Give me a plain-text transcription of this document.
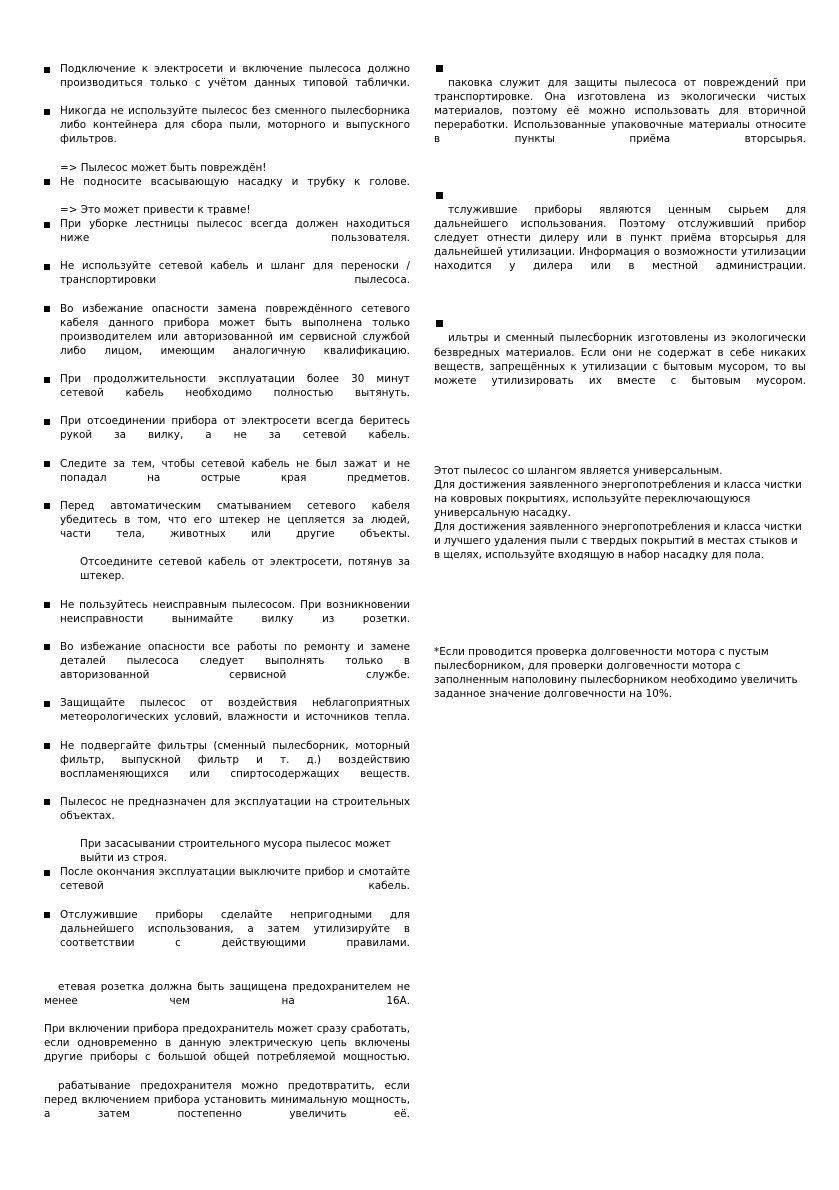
Подключение к электросети и включение пылесоса должно производиться только с учётом данных типовой таблички.
Никогда не используйте пылесос без сменного пылесборника либо контейнера для сбора пыли, моторного и выпускного фильтров.
=> Пылесос может быть повреждён!
Не подносите всасывающую насадку и трубку к голове.
=> Это может привести к травме!
При уборке лестницы пылесос всегда должен находиться ниже пользователя.
Не используйте сетевой кабель и шланг для переноски /транспортировки пылесоса.
Во избежание опасности замена повреждённого сетевого кабеля данного прибора может быть выполнена только производителем или авторизованной им сервисной службой либо лицом, имеющим аналогичную квалификацию.
При продолжительности эксплуатации более 30 минут сетевой кабель необходимо полностью вытянуть.
При отсоединении прибора от электросети всегда беритесь рукой за вилку, а не за сетевой кабель.
Следите за тем, чтобы сетевой кабель не был зажат и не попадал на острые края предметов.
Перед автоматическим сматыванием сетевого кабеля убедитесь в том, что его штекер не цепляется за людей, части тела, животных или другие объекты.
Отсоедините сетевой кабель от электросети, потянув за штекер.
Не пользуйтесь неисправным пылесосом. При возникновении неисправности вынимайте вилку из розетки.
Во избежание опасности все работы по ремонту и замене деталей пылесоса следует выполнять только в авторизованной сервисной службе.
Защищайте пылесос от воздействия неблагоприятных метеорологических условий, влажности и источников тепла.
Не подвергайте фильтры (сменный пылесборник, моторный фильтр, выпускной фильтр и т. д.) воздействию воспламеняющихся или спиртосодержащих веществ.
Пылесос не предназначен для эксплуатации на строительных объектах.
При засасывании строительного мусора пылесос может выйти из строя.
После окончания эксплуатации выключите прибор и смотайте сетевой кабель.
Отслужившие приборы сделайте непригодными для дальнейшего использования, а затем утилизируйте в соответствии с действующими правилами.
етевая розетка должна быть защищена предохранителем не менее чем на 16А.
При включении прибора предохранитель может сразу сработать, если одновременно в данную электрическую цепь включены другие приборы с большой общей потребляемой мощностью.
рабатывание предохранителя можно предотвратить, если перед включением прибора установить минимальную мощность, а затем постепенно увеличить её.
паковка служит для защиты пылесоса от повреждений при транспортировке. Она изготовлена из экологически чистых материалов, поэтому её можно использовать для вторичной переработки. Использованные упаковочные материалы относите в пункты приёма вторсырья.
тслужившие приборы являются ценным сырьем для дальнейшего использования. Поэтому отслуживший прибор следует отнести дилеру или в пункт приёма вторсырья для дальнейшей утилизации. Информация о возможности утилизации находится у дилера или в местной администрации.
ильтры и сменный пылесборник изготовлены из экологически безвредных материалов. Если они не содержат в себе никаких веществ, запрещённых к утилизации с бытовым мусором, то вы можете утилизировать их вместе с бытовым мусором.
Этот пылесос со шлангом является универсальным.
Для достижения заявленного энергопотребления и класса чистки на ковровых покрытиях, используйте переключающуюся универсальную насадку.
Для достижения заявленного энергопотребления и класса чистки и лучшего удаления пыли с твердых покрытий в местах стыков и в щелях, используйте входящую в набор насадку для пола.
*Если проводится проверка долговечности мотора с пустым пылесборником, для проверки долговечности мотора с заполненным наполовину пылесборником необходимо увеличить заданное значение долговечности на 10%.
